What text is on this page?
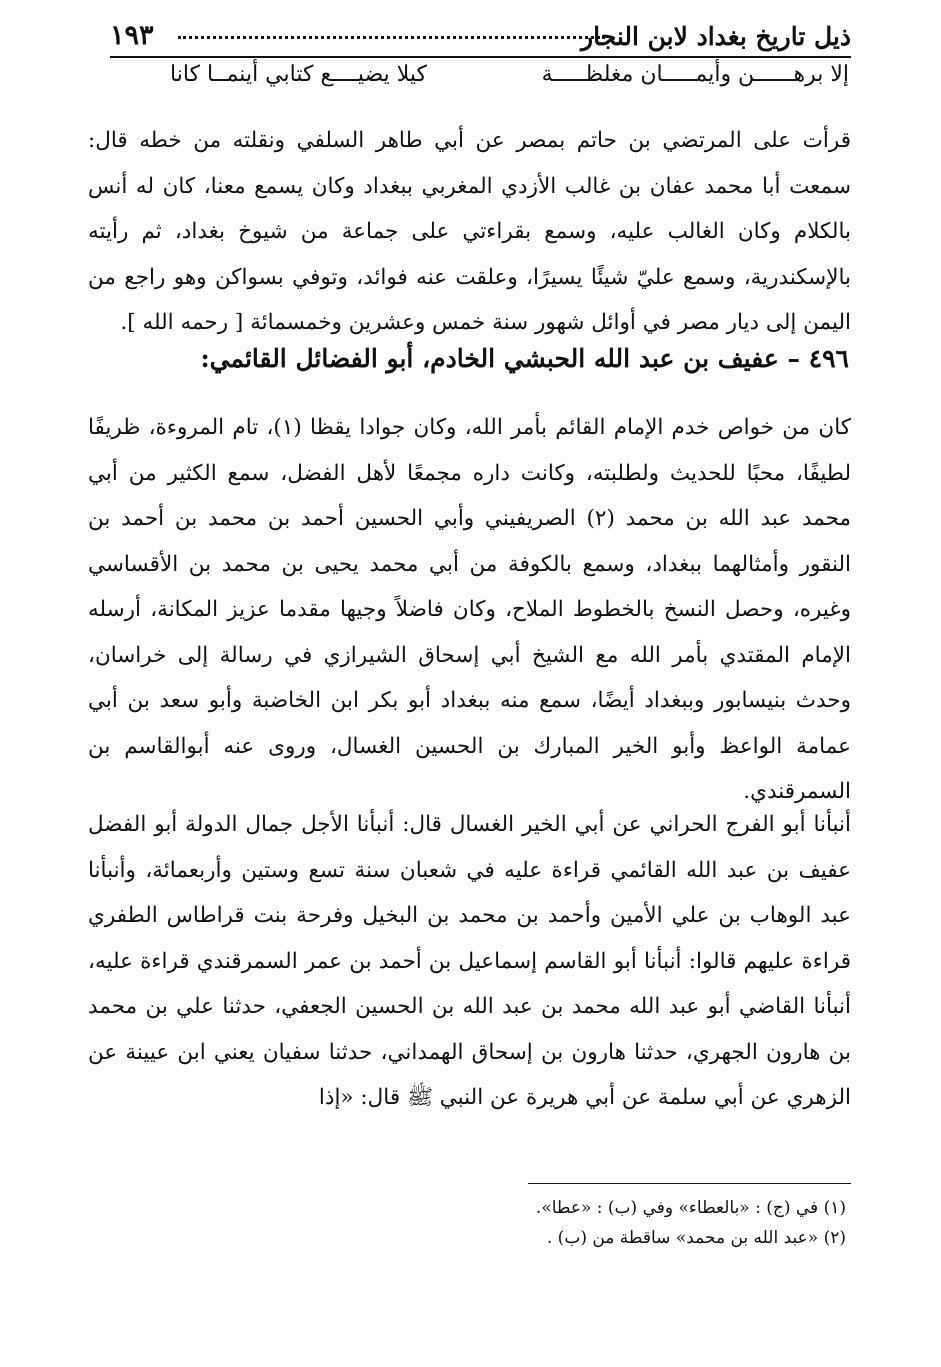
ذيل تاريخ بغداد لابن النجار
١٩٣
إلا برهــــــن وأيمـــــان مغلظـــــة
كيلا يضيــــع كتابي أينمــا كانا
قرأت على المرتضي بن حاتم بمصر عن أبي طاهر السلفي ونقلته من خطه قال: سمعت أبا محمد عفان بن غالب الأزدي المغربي ببغداد وكان يسمع معنا، كان له أنس بالكلام وكان الغالب عليه، وسمع بقراءتي على جماعة من شيوخ بغداد، ثم رأيته بالإسكندرية، وسمع عليّ شيئًا يسيرًا، وعلقت عنه فوائد، وتوفي بسواكن وهو راجع من اليمن إلى ديار مصر في أوائل شهور سنة خمس وعشرين وخمسمائة [ رحمه الله ].
٤٩٦ – عفيف بن عبد الله الحبشي الخادم، أبو الفضائل القائمي:
كان من خواص خدم الإمام القائم بأمر الله، وكان جوادا يقظا (١)، تام المروءة، ظريفًا لطيفًا، محبًا للحديث ولطلبته، وكانت داره مجمعًا لأهل الفضل، سمع الكثير من أبي محمد عبد الله بن محمد (٢) الصريفيني وأبي الحسين أحمد بن محمد بن أحمد بن النقور وأمثالهما ببغداد، وسمع بالكوفة من أبي محمد يحيى بن محمد بن الأقساسي وغيره، وحصل النسخ بالخطوط الملاح، وكان فاضلاً وجيها مقدما عزيز المكانة، أرسله الإمام المقتدي بأمر الله مع الشيخ أبي إسحاق الشيرازي في رسالة إلى خراسان، وحدث بنيسابور وببغداد أيضًا، سمع منه ببغداد أبو بكر ابن الخاضبة وأبو سعد بن أبي عمامة الواعظ وأبو الخير المبارك بن الحسين الغسال، وروى عنه أبوالقاسم بن السمرقندي.
أنبأنا أبو الفرج الحراني عن أبي الخير الغسال قال: أنبأنا الأجل جمال الدولة أبو الفضل عفيف بن عبد الله القائمي قراءة عليه في شعبان سنة تسع وستين وأربعمائة، وأنبأنا عبد الوهاب بن علي الأمين وأحمد بن محمد بن البخيل وفرحة بنت قراطاس الطفري قراءة عليهم قالوا: أنبأنا أبو القاسم إسماعيل بن أحمد بن عمر السمرقندي قراءة عليه، أنبأنا القاضي أبو عبد الله محمد بن عبد الله بن الحسين الجعفي، حدثنا علي بن محمد بن هارون الجهري، حدثنا هارون بن إسحاق الهمداني، حدثنا سفيان يعني ابن عيينة عن الزهري عن أبي سلمة عن أبي هريرة عن النبي ﷺ قال: «إذا
(١) في (ج) : «بالعطاء» وفي (ب) : «عطا».
(٢) «عبد الله بن محمد» ساقطة من (ب) .
